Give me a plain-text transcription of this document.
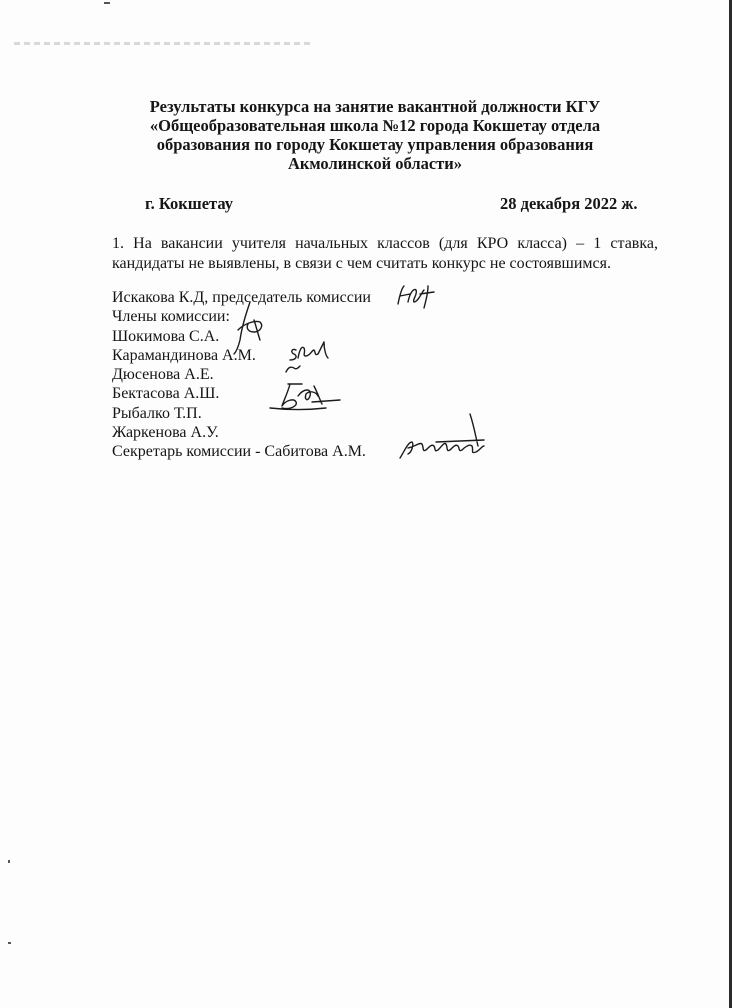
Результаты конкурса на занятие вакантной должности КГУ
«Общеобразовательная школа №12 города Кокшетау отдела
образования по городу Кокшетау управления образования
Акмолинской области»
г. Кокшетау	28 декабря 2022 ж.
1. На вакансии учителя начальных классов (для КРО класса) – 1 ставка, кандидаты не выявлены, в связи с чем считать конкурс не состоявшимся.
Искакова К.Д, председатель комиссии
Члены комиссии:
Шокимова С.А.
Карамандинова А.М.
Дюсенова А.Е.
Бектасова А.Ш.
Рыбалко Т.П.
Жаркенова А.У.
Секретарь комиссии - Сабитова А.М.
